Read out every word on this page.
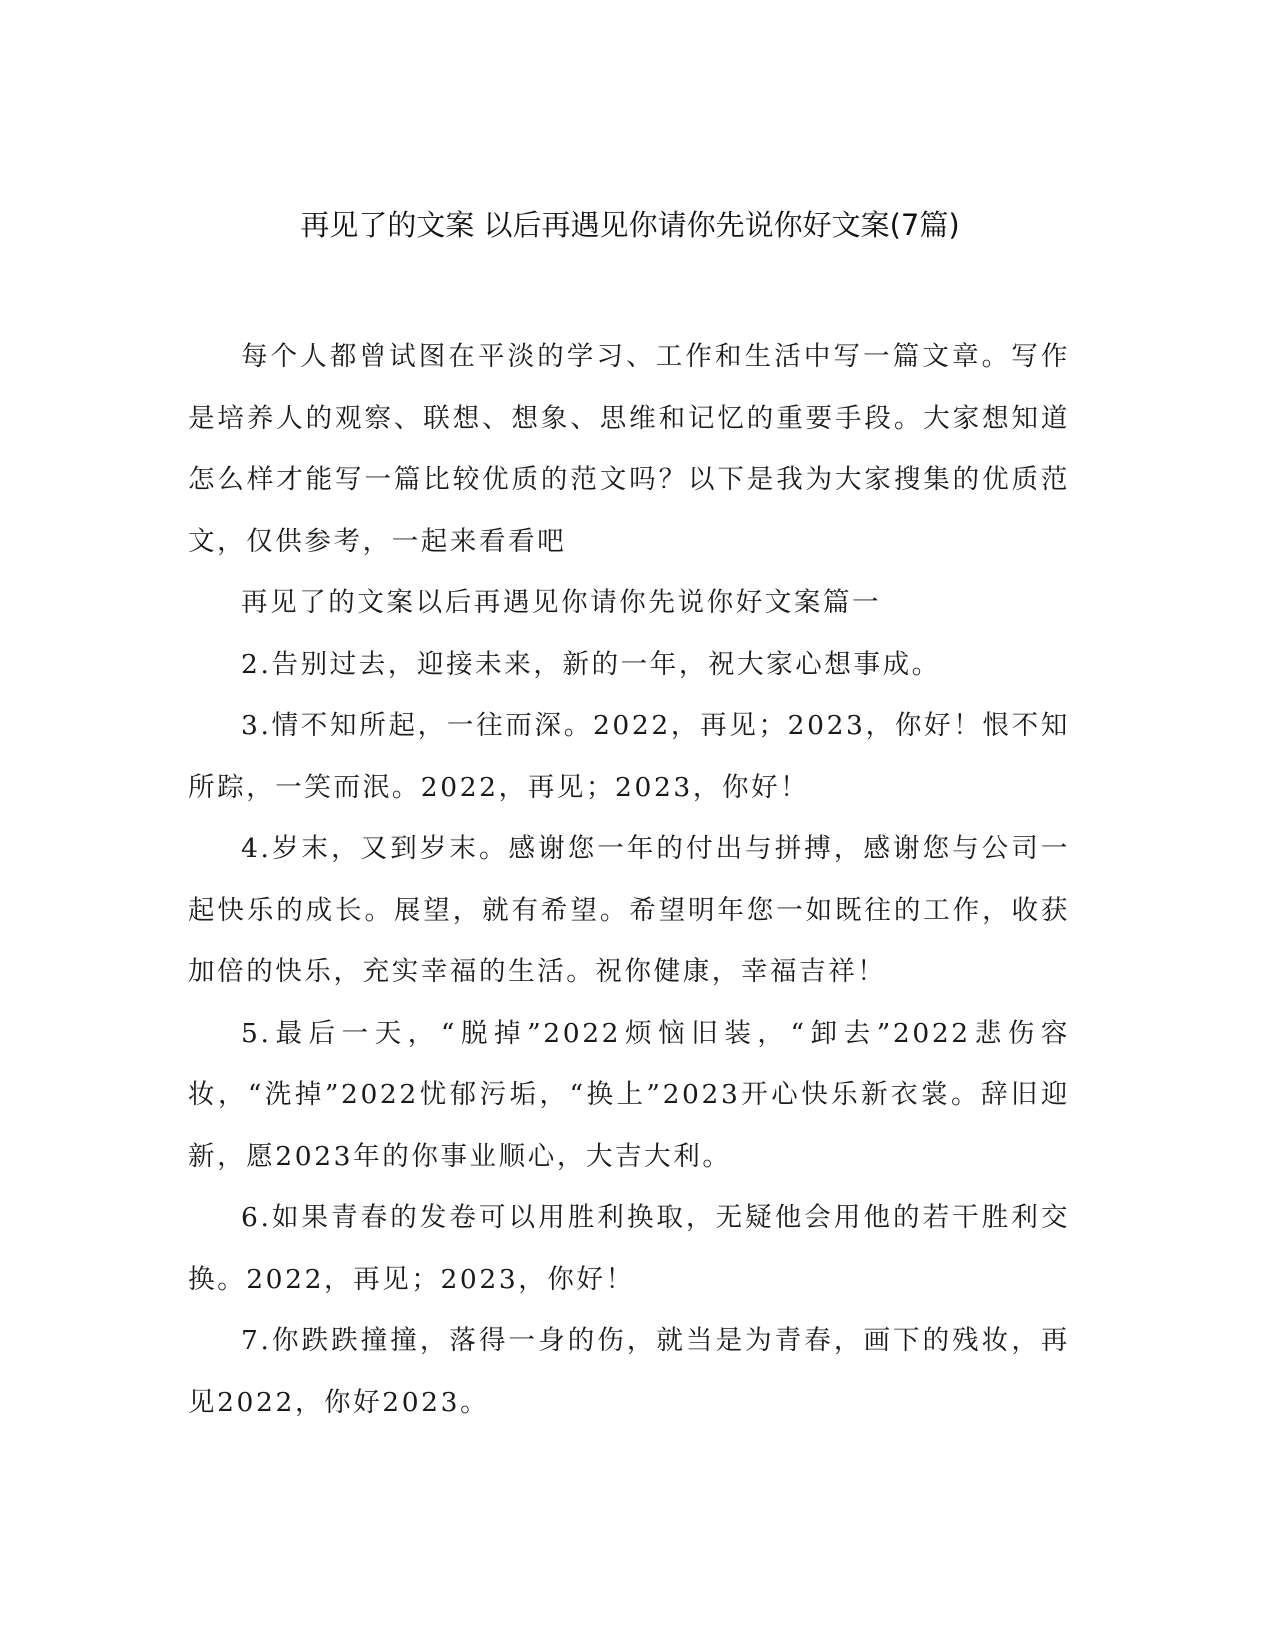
再见了的文案 以后再遇见你请你先说你好文案(7篇)

每个人都曾试图在平淡的学习、工作和生活中写一篇文章。写作是培养人的观察、联想、想象、思维和记忆的重要手段。大家想知道怎么样才能写一篇比较优质的范文吗？以下是我为大家搜集的优质范文，仅供参考，一起来看看吧

再见了的文案以后再遇见你请你先说你好文案篇一

2.告别过去，迎接未来，新的一年，祝大家心想事成。

3.情不知所起，一往而深。2022，再见；2023，你好！恨不知所踪，一笑而泯。2022，再见；2023，你好！

4.岁末，又到岁末。感谢您一年的付出与拼搏，感谢您与公司一起快乐的成长。展望，就有希望。希望明年您一如既往的工作，收获加倍的快乐，充实幸福的生活。祝你健康，幸福吉祥！

5.最后一天，“脱掉”2022烦恼旧装，“卸去”2022悲伤容妆，“洗掉”2022忧郁污垢，“换上”2023开心快乐新衣裳。辞旧迎新，愿2023年的你事业顺心，大吉大利。

6.如果青春的发卷可以用胜利换取，无疑他会用他的若干胜利交换。2022，再见；2023，你好！

7.你跌跌撞撞，落得一身的伤，就当是为青春，画下的残妆，再见2022，你好2023。
